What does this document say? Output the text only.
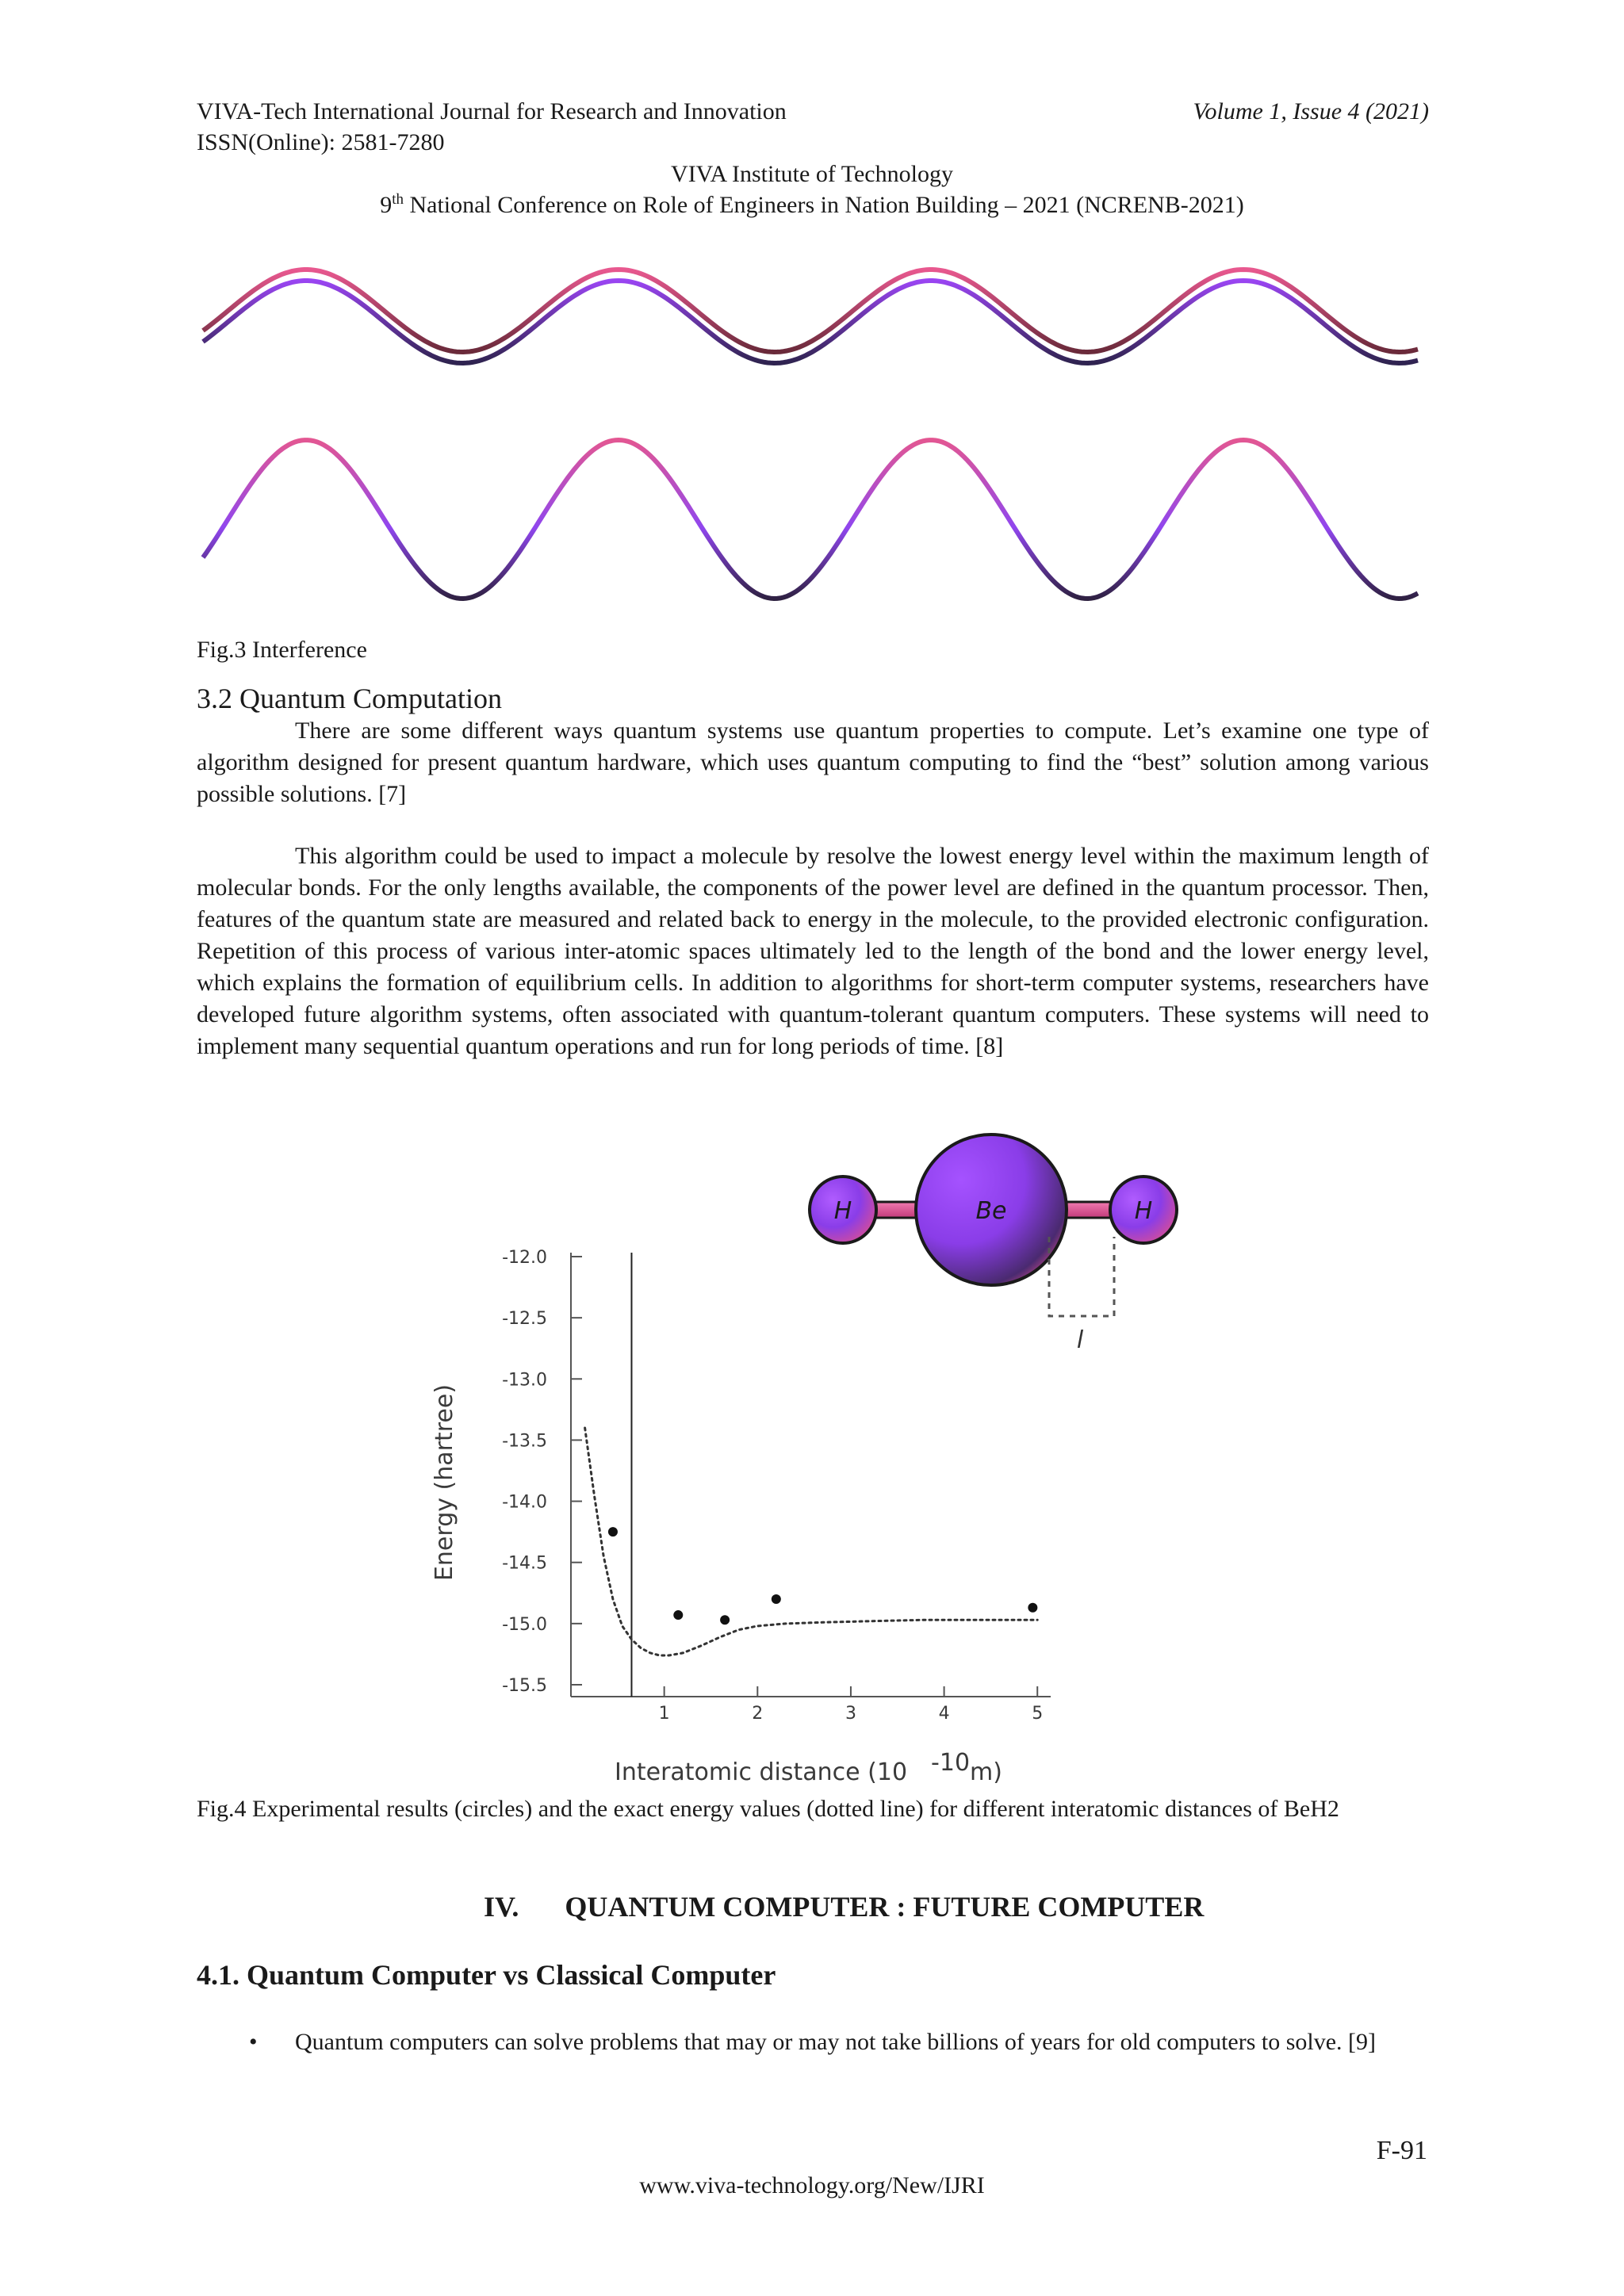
VIVA-Tech International Journal for Research and Innovation	Volume 1, Issue 4 (2021)
ISSN(Online): 2581-7280
VIVA Institute of Technology
9th National Conference on Role of Engineers in Nation Building – 2021 (NCRENB-2021)
Fig.3 Interference
3.2 Quantum Computation
There are some different ways quantum systems use quantum properties to compute. Let’s examine one type of algorithm designed for present quantum hardware, which uses quantum computing to find the “best” solution among various possible solutions. [7]
This algorithm could be used to impact a molecule by resolve the lowest energy level within the maximum length of molecular bonds. For the only lengths available, the components of the power level are defined in the quantum processor. Then, features of the quantum state are measured and related back to energy in the molecule, to the provided electronic configuration. Repetition of this process of various inter-atomic spaces ultimately led to the length of the bond and the lower energy level, which explains the formation of equilibrium cells. In addition to algorithms for short-term computer systems, researchers have developed future algorithm systems, often associated with quantum-tolerant quantum computers. These systems will need to implement many sequential quantum operations and run for long periods of time. [8]
H	Be	H
l
-12.0
-12.5
-13.0
-13.5
-14.0
-14.5
-15.0
-15.5
1	2	3	4	5
Energy (hartree)
Interatomic distance (10 -10m)
Fig.4 Experimental results (circles) and the exact energy values (dotted line) for different interatomic distances of BeH2
IV. QUANTUM COMPUTER : FUTURE COMPUTER
4.1. Quantum Computer vs Classical Computer
• Quantum computers can solve problems that may or may not take billions of years for old computers to solve. [9]
F-91
www.viva-technology.org/New/IJRI
